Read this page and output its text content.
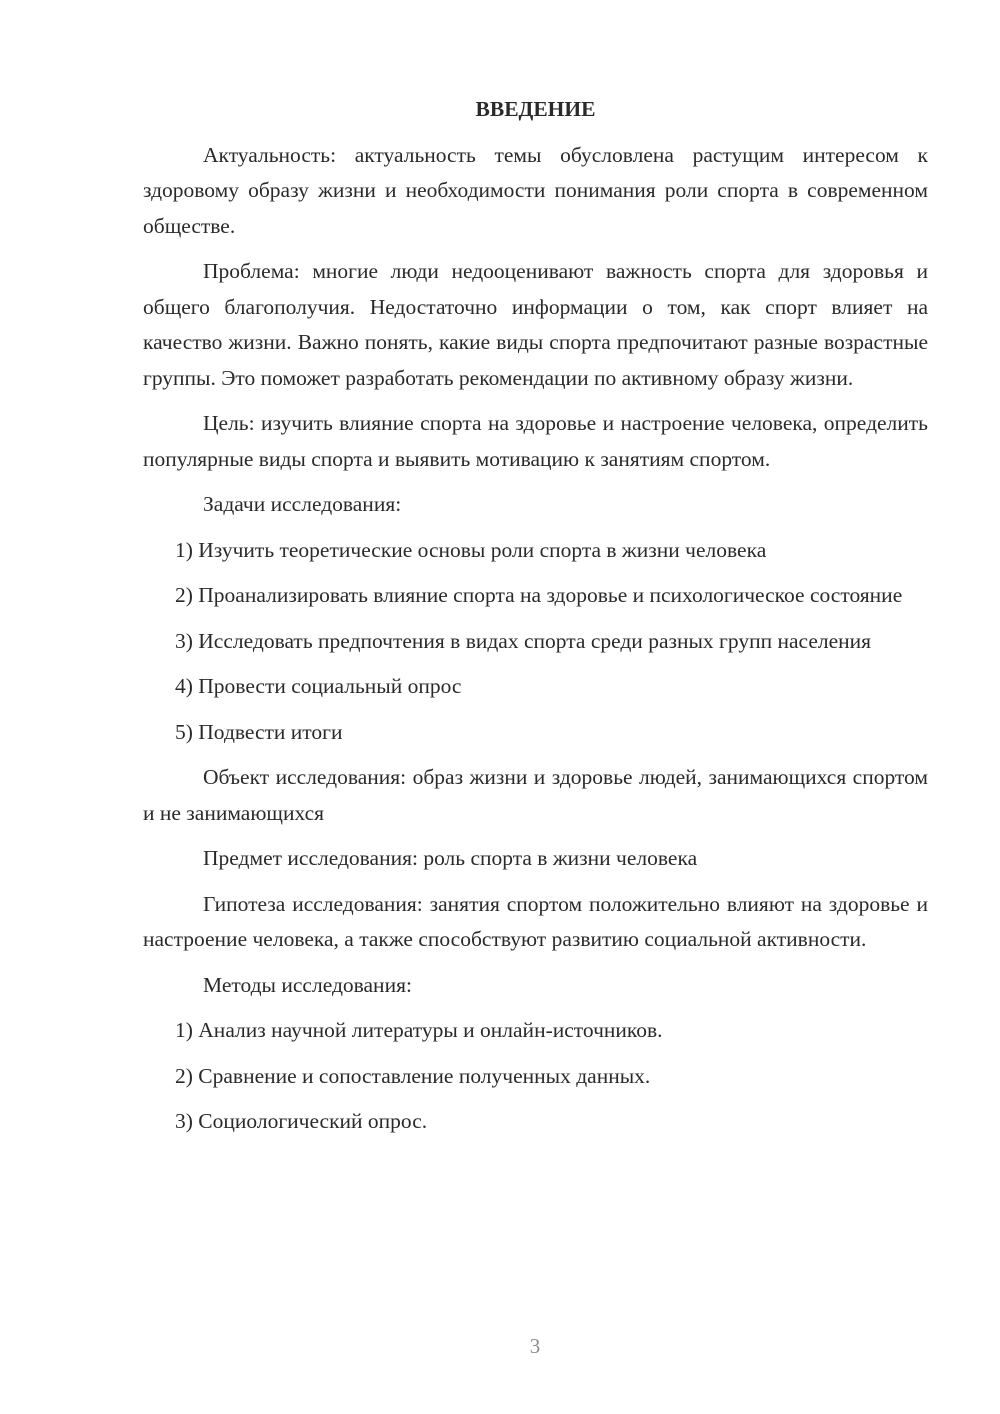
ВВЕДЕНИЕ

Актуальность: актуальность темы обусловлена растущим интересом к здоровому образу жизни и необходимости понимания роли спорта в современном обществе.

Проблема: многие люди недооценивают важность спорта для здоровья и общего благополучия. Недостаточно информации о том, как спорт влияет на качество жизни. Важно понять, какие виды спорта предпочитают разные возрастные группы. Это поможет разработать рекомендации по активному образу жизни.

Цель: изучить влияние спорта на здоровье и настроение человека, определить популярные виды спорта и выявить мотивацию к занятиям спортом.

Задачи исследования:

1) Изучить теоретические основы роли спорта в жизни человека

2) Проанализировать влияние спорта на здоровье и психологическое состояние

3) Исследовать предпочтения в видах спорта среди разных групп населения

4) Провести социальный опрос

5) Подвести итоги

Объект исследования: образ жизни и здоровье людей, занимающихся спортом и не занимающихся

Предмет исследования: роль спорта в жизни человека

Гипотеза исследования: занятия спортом положительно влияют на здоровье и настроение человека, а также способствуют развитию социальной активности.

Методы исследования:

1) Анализ научной литературы и онлайн-источников.

2) Сравнение и сопоставление полученных данных.

3) Социологический опрос.

3
